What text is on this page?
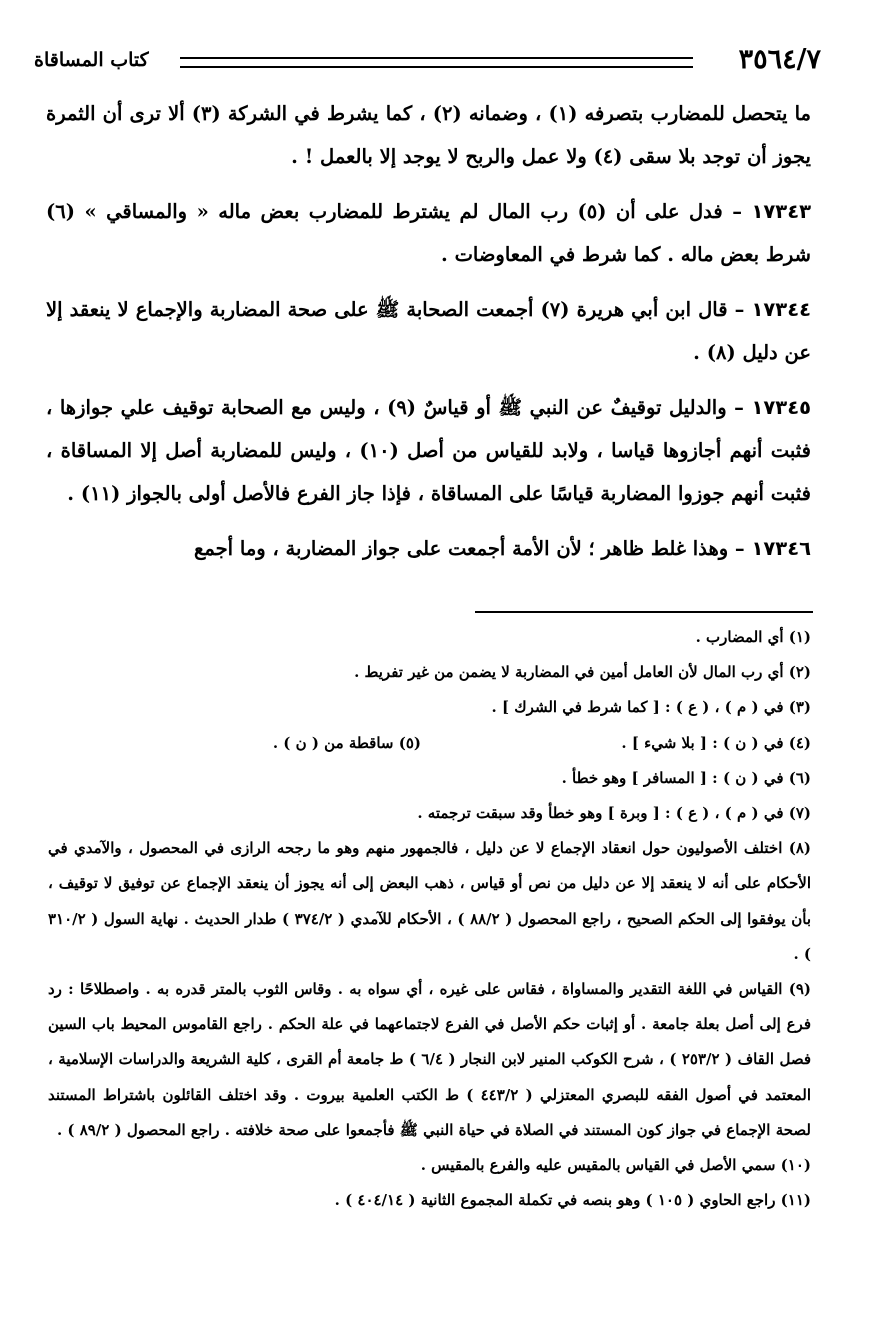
٣٥٦٤/٧
كتاب المساقاة

ما يتحصل للمضارب بتصرفه (١) ، وضمانه (٢) ، كما يشرط في الشركة (٣) ألا ترى أن الثمرة يجوز أن توجد بلا سقى (٤) ولا عمل والربح لا يوجد إلا بالعمل ! .

١٧٣٤٣ – فدل على أن (٥) رب المال لم يشترط للمضارب بعض ماله « والمساقي » (٦) شرط بعض ماله . كما شرط في المعاوضات .

١٧٣٤٤ – قال ابن أبي هريرة (٧) أجمعت الصحابة ﷺ على صحة المضاربة والإجماع لا ينعقد إلا عن دليل (٨) .

١٧٣٤٥ – والدليل توقيفٌ عن النبي ﷺ أو قياسٌ (٩) ، وليس مع الصحابة توقيف علي جوازها ، فثبت أنهم أجازوها قياسا ، ولابد للقياس من أصل (١٠) ، وليس للمضاربة أصل إلا المساقاة ، فثبت أنهم جوزوا المضاربة قياسًا على المساقاة ، فإذا جاز الفرع فالأصل أولى بالجواز (١١) .

١٧٣٤٦ – وهذا غلط ظاهر ؛ لأن الأمة أجمعت على جواز المضاربة ، وما أجمع

(١) أي المضارب .

(٢) أي رب المال لأن العامل أمين في المضاربة لا يضمن من غير تفريط .

(٣) في ( م ) ، ( ع ) : [ كما شرط في الشرك ] .

(٤) في ( ن ) : [ بلا شيء ] .
(٥) ساقطة من ( ن ) .

(٦) في ( ن ) : [ المسافر ] وهو خطأ .

(٧) في ( م ) ، ( ع ) : [ وبرة ] وهو خطأ وقد سبقت ترجمته .

(٨) اختلف الأصوليون حول انعقاد الإجماع لا عن دليل ، فالجمهور منهم وهو ما رجحه الرازى في المحصول ، والآمدي في الأحكام على أنه لا ينعقد إلا عن دليل من نص أو قياس ، ذهب البعض إلى أنه يجوز أن ينعقد الإجماع عن توفيق لا توقيف ، بأن يوفقوا إلى الحكم الصحيح ، راجع المحصول ( ٨٨/٢ ) ، الأحكام للآمدي ( ٣٧٤/٢ ) طدار الحديث . نهاية السول ( ٣١٠/٢ ) .

(٩) القياس في اللغة التقدير والمساواة ، فقاس على غيره ، أي سواه به . وقاس الثوب بالمتر قدره به . واصطلاحًا : رد فرع إلى أصل بعلة جامعة . أو إثبات حكم الأصل في الفرع لاجتماعهما في علة الحكم . راجع القاموس المحيط باب السين فصل القاف ( ٢٥٣/٢ ) ، شرح الكوكب المنير لابن النجار ( ٦/٤ ) ط جامعة أم القرى ، كلية الشريعة والدراسات الإسلامية ، المعتمد في أصول الفقه للبصري المعتزلي ( ٤٤٣/٢ ) ط الكتب العلمية بيروت . وقد اختلف القائلون باشتراط المستند لصحة الإجماع في جواز كون المستند في الصلاة في حياة النبي ﷺ فأجمعوا على صحة خلافته . راجع المحصول ( ٨٩/٢ ) .

(١٠) سمي الأصل في القياس بالمقيس عليه والفرع بالمقيس .

(١١) راجع الحاوي ( ١٠٥ ) وهو بنصه في تكملة المجموع الثانية ( ٤٠٤/١٤ ) .
